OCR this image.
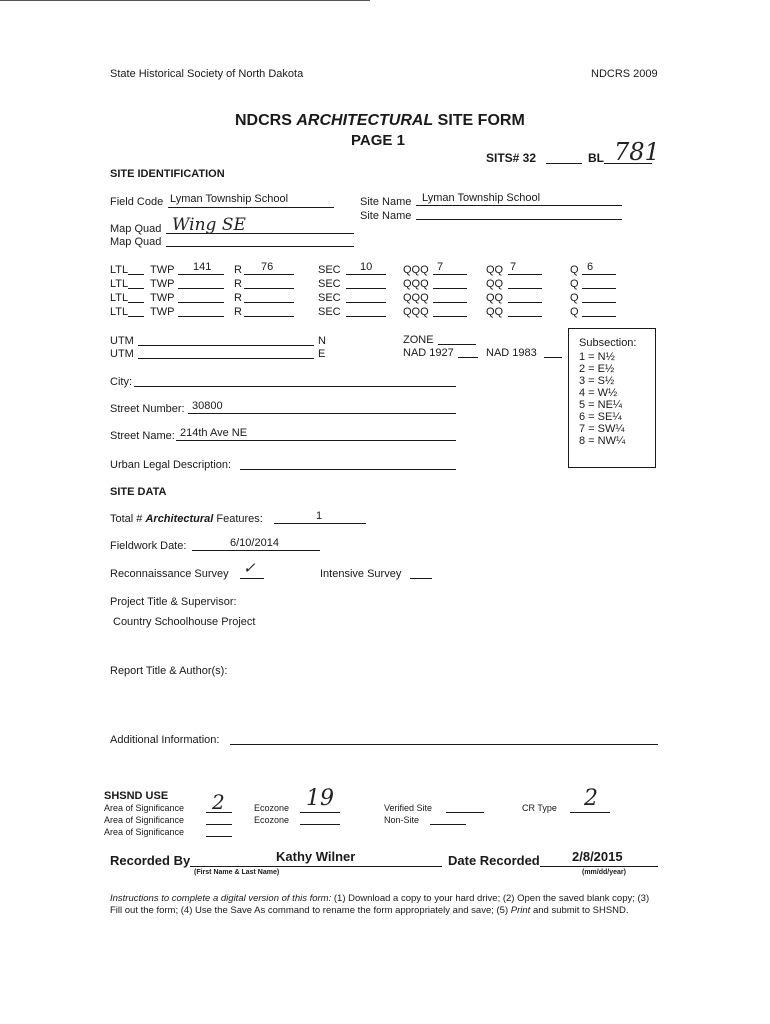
State Historical Society of North Dakota	NDCRS 2009
NDCRS ARCHITECTURAL SITE FORM
PAGE 1
SITS# 32	BL 781
SITE IDENTIFICATION
Field Code Lyman Township School	Site Name Lyman Township School
Site Name
Map Quad Wing SE
Map Quad
LTL TWP 141 R 76	SEC 10	QQQ 7	QQ 7	Q 6
LTL TWP	R	SEC	QQQ	QQ	Q
LTL TWP	R	SEC	QQQ	QQ	Q
LTL TWP	R	SEC	QQQ	QQ	Q
UTM	N
UTM	E
ZONE
NAD 1927	NAD 1983
Subsection:
1 = N½
2 = E½
3 = S½
4 = W½
5 = NE¼
6 = SE¼
7 = SW¼
8 = NW¼
City:
Street Number: 30800
Street Name: 214th Ave NE
Urban Legal Description:
SITE DATA
Total # Architectural Features:	1
Fieldwork Date:	6/10/2014
Reconnaissance Survey ✓	Intensive Survey
Project Title & Supervisor:
Country Schoolhouse Project
Report Title & Author(s):
Additional Information:
SHSND USE
Area of Significance 2
Area of Significance
Area of Significance
Ecozone 19
Ecozone
Verified Site
Non-Site
CR Type 2
Recorded By	Kathy Wilner
(First Name & Last Name)
Date Recorded 2/8/2015
(mm/dd/year)
Instructions to complete a digital version of this form: (1) Download a copy to your hard drive; (2) Open the saved blank copy; (3) Fill out the form; (4) Use the Save As command to rename the form appropriately and save; (5) Print and submit to SHSND.
